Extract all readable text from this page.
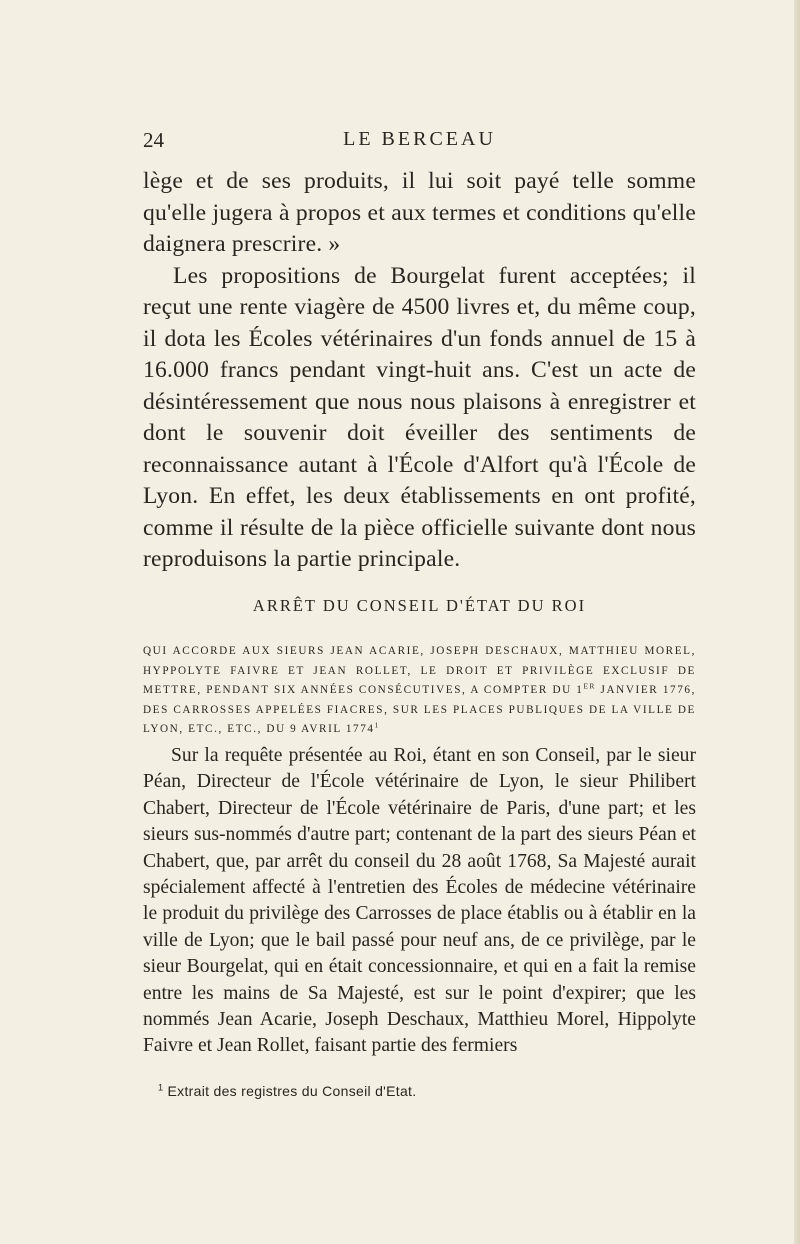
24	LE BERCEAU

lège et de ses produits, il lui soit payé telle somme qu'elle jugera à propos et aux termes et conditions qu'elle daignera prescrire. »

Les propositions de Bourgelat furent acceptées; il reçut une rente viagère de 4500 livres et, du même coup, il dota les Écoles vétérinaires d'un fonds annuel de 15 à 16.000 francs pendant vingt-huit ans. C'est un acte de désintéressement que nous nous plaisons à enregistrer et dont le souvenir doit éveiller des sentiments de reconnaissance autant à l'École d'Alfort qu'à l'École de Lyon. En effet, les deux établissements en ont profité, comme il résulte de la pièce officielle suivante dont nous reproduisons la partie principale.

ARRÊT DU CONSEIL D'ÉTAT DU ROI
QUI ACCORDE AUX SIEURS JEAN ACARIE, JOSEPH DESCHAUX, MATTHIEU MOREL, HYPPOLYTE FAIVRE ET JEAN ROLLET, LE DROIT ET PRIVILÈGE EXCLUSIF DE METTRE, PENDANT SIX ANNÉES CONSÉCUTIVES, A COMPTER DU 1ER JANVIER 1776, DES CARROSSES APPELÉES FIACRES, SUR LES PLACES PUBLIQUES DE LA VILLE DE LYON, ETC., ETC., DU 9 AVRIL 1774$^1$

Sur la requête présentée au Roi, étant en son Conseil, par le sieur Péan, Directeur de l'École vétérinaire de Lyon, le sieur Philibert Chabert, Directeur de l'École vétérinaire de Paris, d'une part; et les sieurs sus-nommés d'autre part; contenant de la part des sieurs Péan et Chabert, que, par arrêt du conseil du 28 août 1768, Sa Majesté aurait spécialement affecté à l'entretien des Écoles de médecine vétérinaire le produit du privilège des Carrosses de place établis ou à établir en la ville de Lyon; que le bail passé pour neuf ans, de ce privilège, par le sieur Bourgelat, qui en était concessionnaire, et qui en a fait la remise entre les mains de Sa Majesté, est sur le point d'expirer; que les nommés Jean Acarie, Joseph Deschaux, Matthieu Morel, Hippolyte Faivre et Jean Rollet, faisant partie des fermiers

$^1$ Extrait des registres du Conseil d'Etat.
